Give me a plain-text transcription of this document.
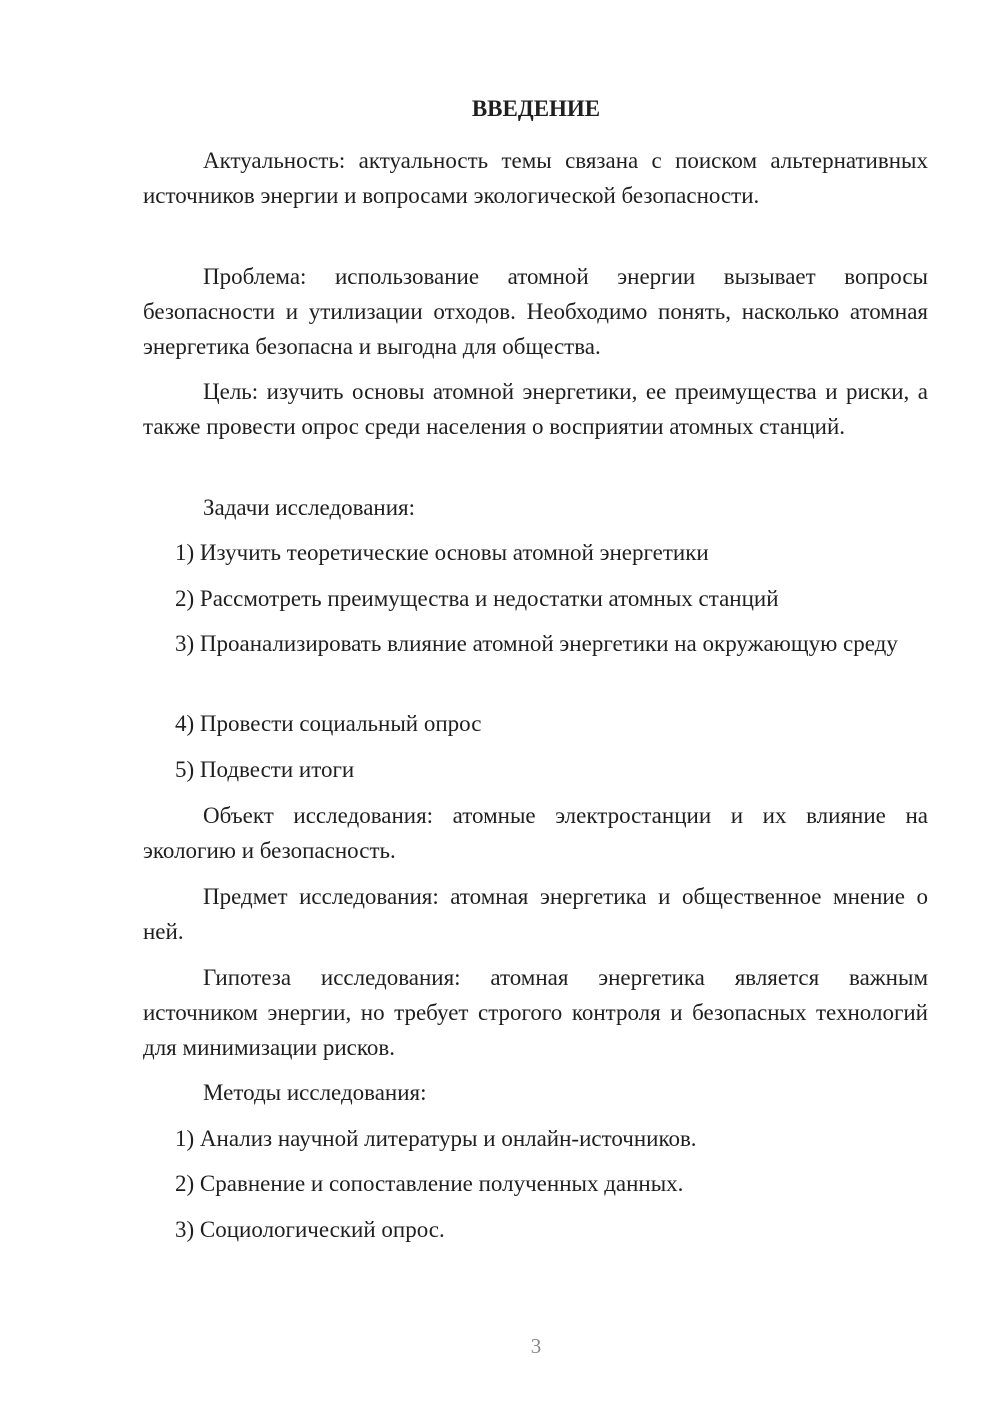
ВВЕДЕНИЕ

Актуальность: актуальность темы связана с поиском альтернативных источников энергии и вопросами экологической безопасности.

Проблема: использование атомной энергии вызывает вопросы безопасности и утилизации отходов. Необходимо понять, насколько атомная энергетика безопасна и выгодна для общества.

Цель: изучить основы атомной энергетики, ее преимущества и риски, а также провести опрос среди населения о восприятии атомных станций.

Задачи исследования:

1) Изучить теоретические основы атомной энергетики

2) Рассмотреть преимущества и недостатки атомных станций

3) Проанализировать влияние атомной энергетики на окружающую среду

4) Провести социальный опрос

5) Подвести итоги

Объект исследования: атомные электростанции и их влияние на экологию и безопасность.

Предмет исследования: атомная энергетика и общественное мнение о ней.

Гипотеза исследования: атомная энергетика является важным источником энергии, но требует строгого контроля и безопасных технологий для минимизации рисков.

Методы исследования:

1) Анализ научной литературы и онлайн-источников.

2) Сравнение и сопоставление полученных данных.

3) Социологический опрос.

3
